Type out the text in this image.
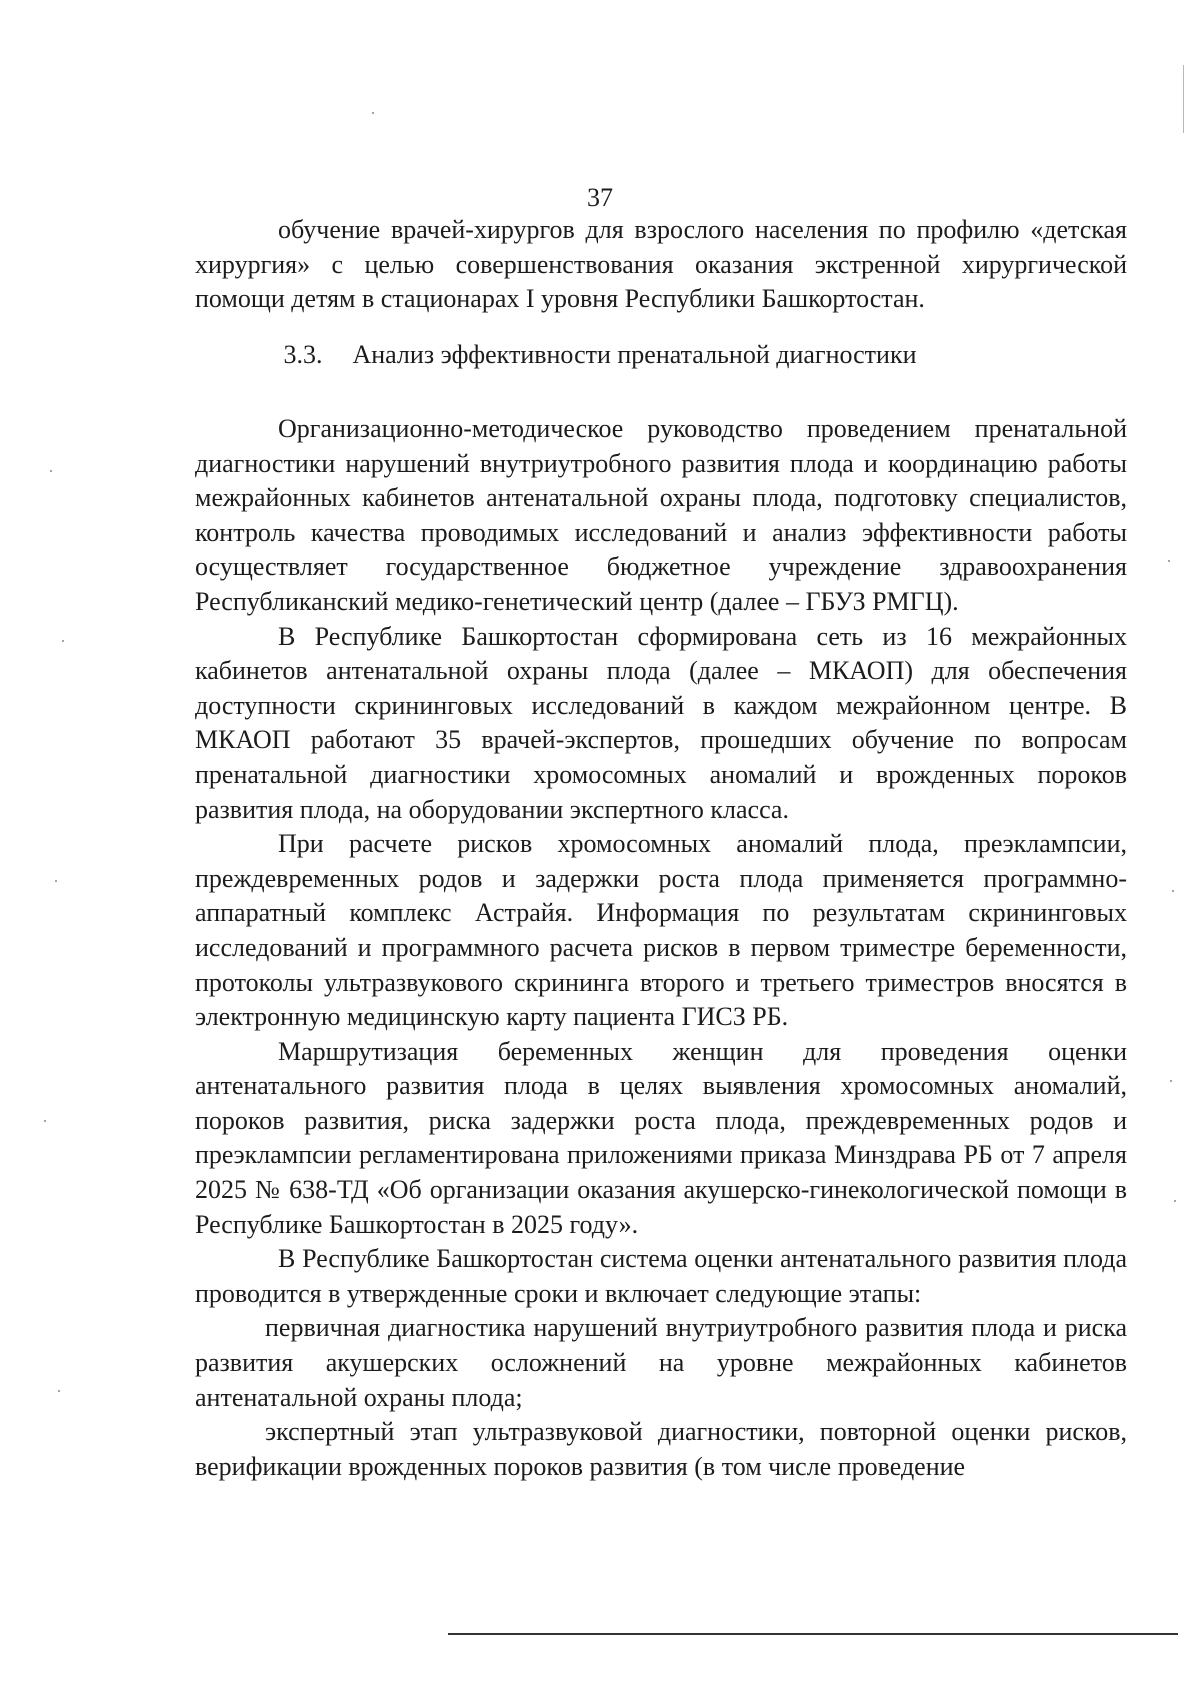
37

обучение врачей-хирургов для взрослого населения по профилю «детская хирургия» с целью совершенствования оказания экстренной хирургической помощи детям в стационарах I уровня Республики Башкортостан.

3.3. Анализ эффективности пренатальной диагностики

Организационно-методическое руководство проведением пренатальной диагностики нарушений внутриутробного развития плода и координацию работы межрайонных кабинетов антенатальной охраны плода, подготовку специалистов, контроль качества проводимых исследований и анализ эффективности работы осуществляет государственное бюджетное учреждение здравоохранения Республиканский медико-генетический центр (далее – ГБУЗ РМГЦ).

В Республике Башкортостан сформирована сеть из 16 межрайонных кабинетов антенатальной охраны плода (далее – МКАОП) для обеспечения доступности скрининговых исследований в каждом межрайонном центре. В МКАОП работают 35 врачей-экспертов, прошедших обучение по вопросам пренатальной диагностики хромосомных аномалий и врожденных пороков развития плода, на оборудовании экспертного класса.

При расчете рисков хромосомных аномалий плода, преэклампсии, преждевременных родов и задержки роста плода применяется программно-аппаратный комплекс Астрайя. Информация по результатам скрининговых исследований и программного расчета рисков в первом триместре беременности, протоколы ультразвукового скрининга второго и третьего триместров вносятся в электронную медицинскую карту пациента ГИСЗ РБ.

Маршрутизация беременных женщин для проведения оценки антенатального развития плода в целях выявления хромосомных аномалий, пороков развития, риска задержки роста плода, преждевременных родов и преэклампсии регламентирована приложениями приказа Минздрава РБ от 7 апреля 2025 № 638-ТД «Об организации оказания акушерско-гинекологической помощи в Республике Башкортостан в 2025 году».

В Республике Башкортостан система оценки антенатального развития плода проводится в утвержденные сроки и включает следующие этапы:

первичная диагностика нарушений внутриутробного развития плода и риска развития акушерских осложнений на уровне межрайонных кабинетов антенатальной охраны плода;

экспертный этап ультразвуковой диагностики, повторной оценки рисков, верификации врожденных пороков развития (в том числе проведение
